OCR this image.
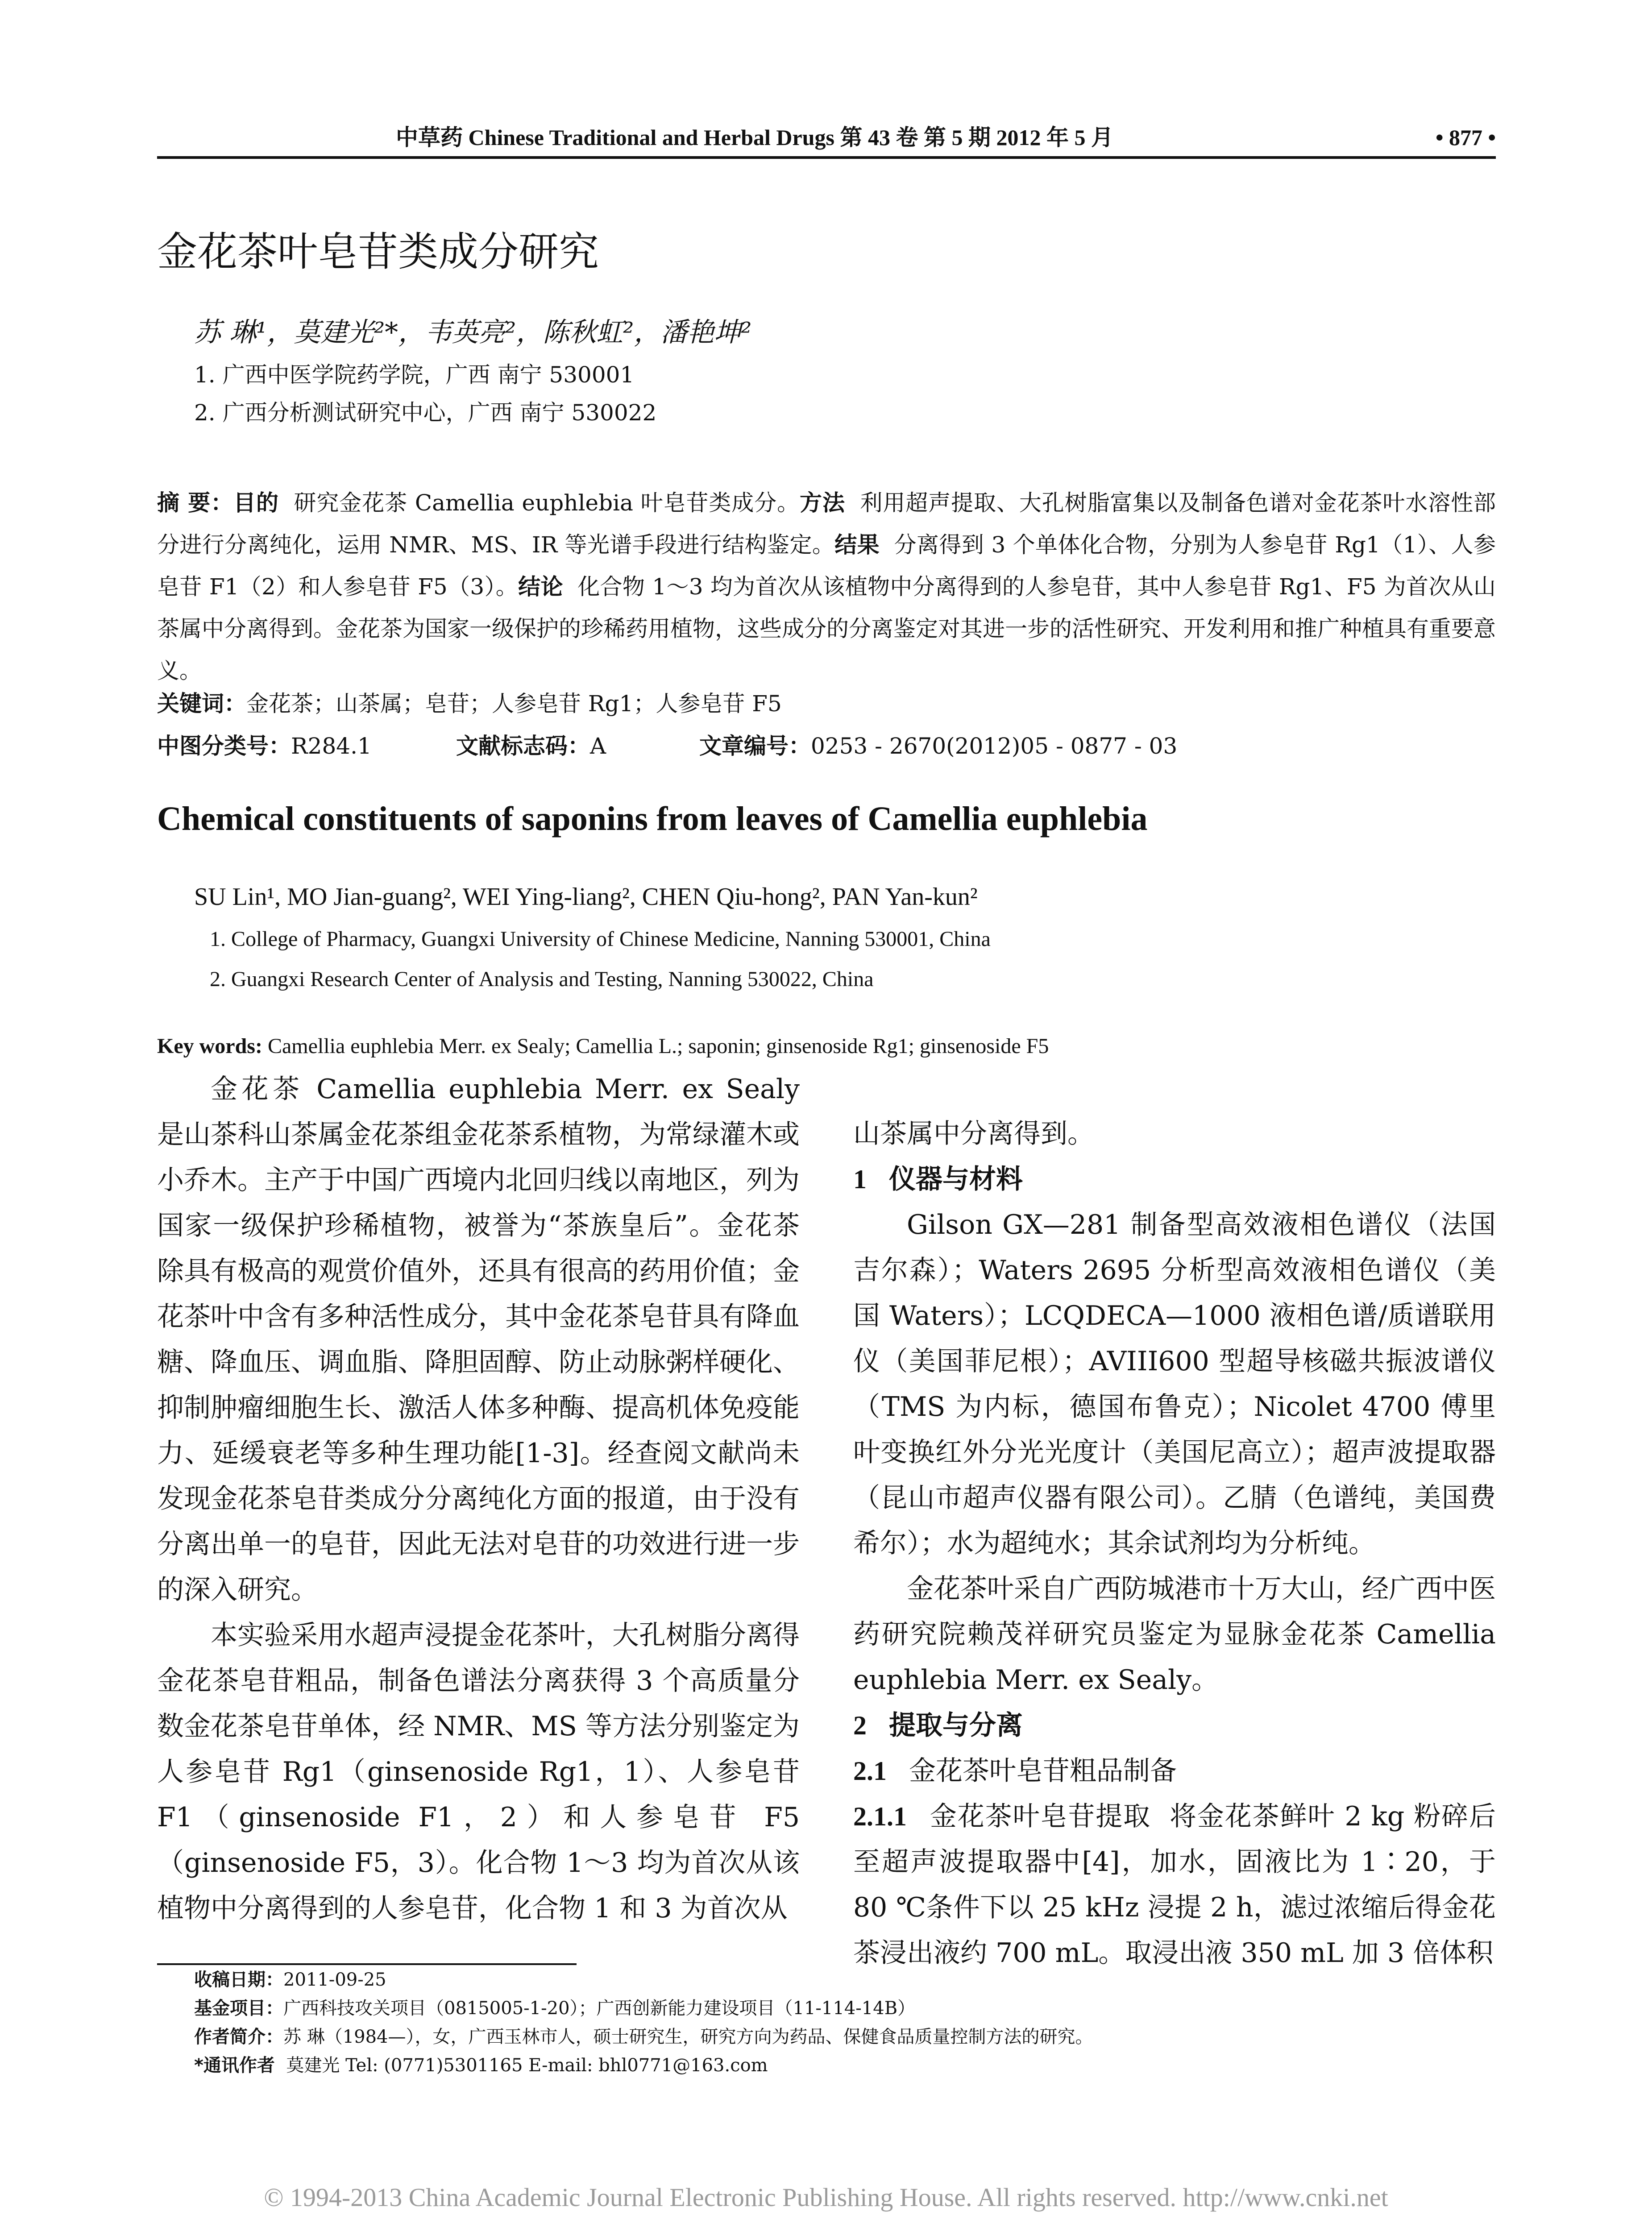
中草药 Chinese Traditional and Herbal Drugs 第 43 卷 第 5 期 2012 年 5 月	• 877 •
金花茶叶皂苷类成分研究
苏 琳¹，莫建光²*，韦英亮²，陈秋虹²，潘艳坤²
1. 广西中医学院药学院，广西 南宁 530001
2. 广西分析测试研究中心，广西 南宁 530022
摘 要：目的 研究金花茶 Camellia euphlebia 叶皂苷类成分。方法 利用超声提取、大孔树脂富集以及制备色谱对金花茶叶水溶性部分进行分离纯化，运用 NMR、MS、IR 等光谱手段进行结构鉴定。结果 分离得到 3 个单体化合物，分别为人参皂苷 Rg1（1）、人参皂苷 F1（2）和人参皂苷 F5（3）。结论 化合物 1～3 均为首次从该植物中分离得到的人参皂苷，其中人参皂苷 Rg1、F5 为首次从山茶属中分离得到。金花茶为国家一级保护的珍稀药用植物，这些成分的分离鉴定对其进一步的活性研究、开发利用和推广种植具有重要意义。
关键词：金花茶；山茶属；皂苷；人参皂苷 Rg1；人参皂苷 F5
中图分类号：R284.1	文献标志码：A	文章编号：0253 - 2670(2012)05 - 0877 - 03
Chemical constituents of saponins from leaves of Camellia euphlebia
SU Lin¹, MO Jian-guang², WEI Ying-liang², CHEN Qiu-hong², PAN Yan-kun²
1. College of Pharmacy, Guangxi University of Chinese Medicine, Nanning 530001, China
2. Guangxi Research Center of Analysis and Testing, Nanning 530022, China
Key words: Camellia euphlebia Merr. ex Sealy; Camellia L.; saponin; ginsenoside Rg1; ginsenoside F5

金花茶 Camellia euphlebia Merr. ex Sealy 是山茶科山茶属金花茶组金花茶系植物，为常绿灌木或小乔木。主产于中国广西境内北回归线以南地区，列为国家一级保护珍稀植物，被誉为“茶族皇后”。金花茶除具有极高的观赏价值外，还具有很高的药用价值；金花茶叶中含有多种活性成分，其中金花茶皂苷具有降血糖、降血压、调血脂、降胆固醇、防止动脉粥样硬化、抑制肿瘤细胞生长、激活人体多种酶、提高机体免疫能力、延缓衰老等多种生理功能[1-3]。经查阅文献尚未发现金花茶皂苷类成分分离纯化方面的报道，由于没有分离出单一的皂苷，因此无法对皂苷的功效进行进一步的深入研究。

本实验采用水超声浸提金花茶叶，大孔树脂分离得金花茶皂苷粗品，制备色谱法分离获得 3 个高质量分数金花茶皂苷单体，经 NMR、MS 等方法分别鉴定为人参皂苷 Rg1（ginsenoside Rg1，1）、人参皂苷 F1（ginsenoside F1，2）和人参皂苷 F5（ginsenoside F5，3）。化合物 1～3 均为首次从该植物中分离得到的人参皂苷，化合物 1 和 3 为首次从

山茶属中分离得到。

1 仪器与材料

Gilson GX—281 制备型高效液相色谱仪（法国吉尔森）；Waters 2695 分析型高效液相色谱仪（美国 Waters）；LCQDECA—1000 液相色谱/质谱联用仪（美国菲尼根）；AVIII600 型超导核磁共振波谱仪（TMS 为内标，德国布鲁克）；Nicolet 4700 傅里叶变换红外分光光度计（美国尼高立）；超声波提取器（昆山市超声仪器有限公司）。乙腈（色谱纯，美国费希尔）；水为超纯水；其余试剂均为分析纯。

金花茶叶采自广西防城港市十万大山，经广西中医药研究院赖茂祥研究员鉴定为显脉金花茶 Camellia euphlebia Merr. ex Sealy。

2 提取与分离
2.1 金花茶叶皂苷粗品制备

2.1.1 金花茶叶皂苷提取 将金花茶鲜叶 2 kg 粉碎后至超声波提取器中[4]，加水，固液比为 1∶20，于 80 ℃条件下以 25 kHz 浸提 2 h，滤过浓缩后得金花茶浸出液约 700 mL。取浸出液 350 mL 加 3 倍体积

收稿日期：2011-09-25
基金项目：广西科技攻关项目（0815005-1-20）；广西创新能力建设项目（11-114-14B）
作者简介：苏 琳（1984—），女，广西玉林市人，硕士研究生，研究方向为药品、保健食品质量控制方法的研究。
*通讯作者 莫建光 Tel: (0771)5301165 E-mail: bhl0771@163.com
© 1994-2013 China Academic Journal Electronic Publishing House. All rights reserved. http://www.cnki.net
